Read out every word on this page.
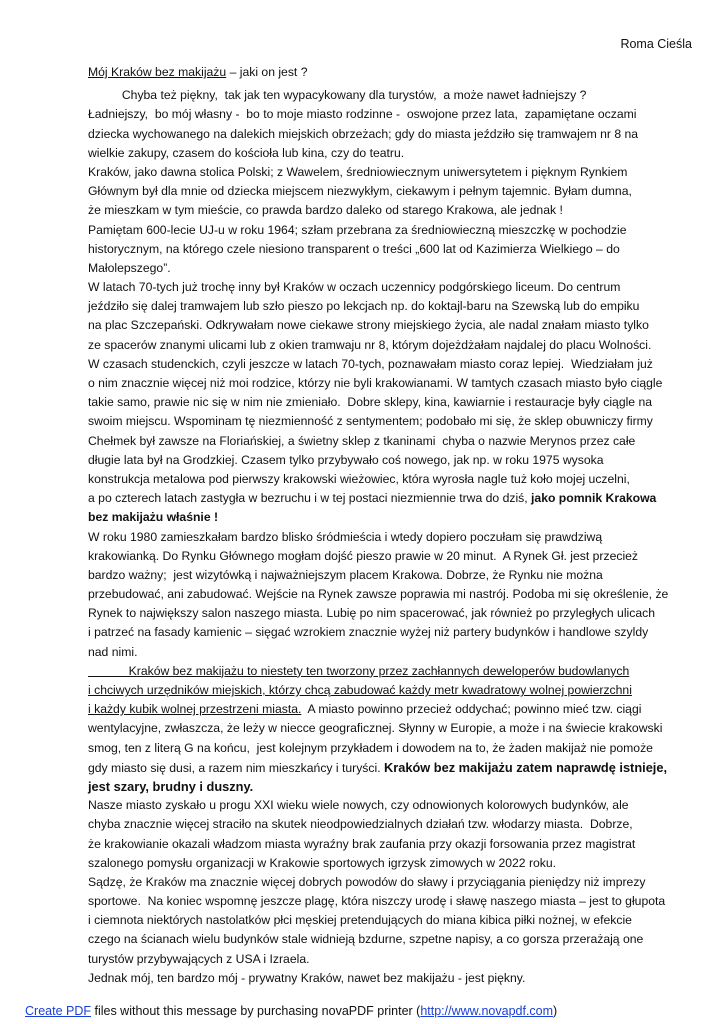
Roma Cieśla
Mój Kraków bez makijażu – jaki on jest ?
Chyba też piękny,  tak jak ten wypacykowany dla turystów,  a może nawet ładniejszy ?
Ładniejszy,  bo mój własny -  bo to moje miasto rodzinne -  oswojone przez lata,  zapamiętane oczami
dziecka wychowanego na dalekich miejskich obrzeżach; gdy do miasta jeździło się tramwajem nr 8 na
wielkie zakupy, czasem do kościoła lub kina, czy do teatru.
Kraków, jako dawna stolica Polski; z Wawelem, średniowiecznym uniwersytetem i pięknym Rynkiem
Głównym był dla mnie od dziecka miejscem niezwykłym, ciekawym i pełnym tajemnic. Byłam dumna,
że mieszkam w tym mieście, co prawda bardzo daleko od starego Krakowa, ale jednak !
Pamiętam 600-lecie UJ-u w roku 1964; szłam przebrana za średniowieczną mieszczkę w pochodzie
historycznym, na którego czele niesiono transparent o treści „600 lat od Kazimierza Wielkiego – do
Małolepszego”.
W latach 70-tych już trochę inny był Kraków w oczach uczennicy podgórskiego liceum. Do centrum
jeździło się dalej tramwajem lub szło pieszo po lekcjach np. do koktajl-baru na Szewską lub do empiku
na plac Szczepański. Odkrywałam nowe ciekawe strony miejskiego życia, ale nadal znałam miasto tylko
ze spacerów znanymi ulicami lub z okien tramwaju nr 8, którym dojeżdżałam najdalej do placu Wolności.
W czasach studenckich, czyli jeszcze w latach 70-tych, poznawałam miasto coraz lepiej.  Wiedziałam już
o nim znacznie więcej niż moi rodzice, którzy nie byli krakowianami. W tamtych czasach miasto było ciągle
takie samo, prawie nic się w nim nie zmieniało.  Dobre sklepy, kina, kawiarnie i restauracje były ciągle na
swoim miejscu. Wspominam tę niezmienność z sentymentem; podobało mi się, że sklep obuwniczy firmy
Chełmek był zawsze na Floriańskiej, a świetny sklep z tkaninami  chyba o nazwie Merynos przez całe
długie lata był na Grodzkiej. Czasem tylko przybywało coś nowego, jak np. w roku 1975 wysoka
konstrukcja metalowa pod pierwszy krakowski wieżowiec, która wyrosła nagle tuż koło mojej uczelni,
a po czterech latach zastygła w bezruchu i w tej postaci niezmiennie trwa do dziś, jako pomnik Krakowa
bez makijażu właśnie !
W roku 1980 zamieszkałam bardzo blisko śródmieścia i wtedy dopiero poczułam się prawdziwą
krakowianką. Do Rynku Głównego mogłam dojść pieszo prawie w 20 minut.  A Rynek Gł. jest przecież
bardzo ważny;  jest wizytówką i najważniejszym placem Krakowa. Dobrze, że Rynku nie można
przebudować, ani zabudować. Wejście na Rynek zawsze poprawia mi nastrój. Podoba mi się określenie, że
Rynek to największy salon naszego miasta. Lubię po nim spacerować, jak również po przyległych ulicach
i patrzeć na fasady kamienic – sięgać wzrokiem znacznie wyżej niż partery budynków i handlowe szyldy
nad nimi.
Kraków bez makijażu to niestety ten tworzony przez zachłannych deweloperów budowlanych
i chciwych urzędników miejskich, którzy chcą zabudować każdy metr kwadratowy wolnej powierzchni
i każdy kubik wolnej przestrzeni miasta.  A miasto powinno przecież oddychać; powinno mieć tzw. ciągi
wentylacyjne, zwłaszcza, że leży w niecce geograficznej. Słynny w Europie, a może i na świecie krakowski
smog, ten z literą G na końcu,  jest kolejnym przykładem i dowodem na to, że żaden makijaż nie pomoże
gdy miasto się dusi, a razem nim mieszkańcy i turyści. Kraków bez makijażu zatem naprawdę istnieje,
jest szary, brudny i duszny.
Nasze miasto zyskało u progu XXI wieku wiele nowych, czy odnowionych kolorowych budynków, ale
chyba znacznie więcej straciło na skutek nieodpowiedzialnych działań tzw. włodarzy miasta.  Dobrze,
że krakowianie okazali władzom miasta wyraźny brak zaufania przy okazji forsowania przez magistrat
szalonego pomysłu organizacji w Krakowie sportowych igrzysk zimowych w 2022 roku.
Sądzę, że Kraków ma znacznie więcej dobrych powodów do sławy i przyciągania pieniędzy niż imprezy
sportowe.  Na koniec wspomnę jeszcze plagę, która niszczy urodę i sławę naszego miasta – jest to głupota
i ciemnota niektórych nastolatków płci męskiej pretendujących do miana kibica piłki nożnej, w efekcie
czego na ścianach wielu budynków stale widnieją bzdurne, szpetne napisy, a co gorsza przerażają one
turystów przybywających z USA i Izraela.
Jednak mój, ten bardzo mój - prywatny Kraków, nawet bez makijażu - jest piękny.
Create PDF files without this message by purchasing novaPDF printer (http://www.novapdf.com)
